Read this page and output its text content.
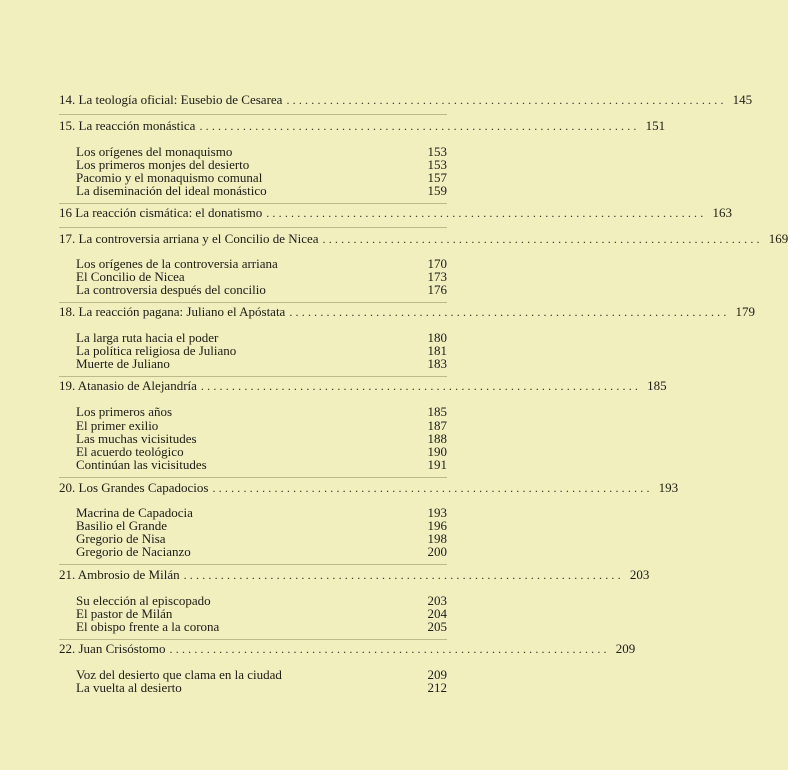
14. La teología oficial: Eusebio de Cesarea ....................................................................... 145
15. La reacción monástica ....................................................................... 151
Los orígenes del monaquismo	153
Los primeros monjes del desierto	153
Pacomio y el monaquismo comunal	157
La diseminación del ideal monástico	159
16 La reacción cismática: el donatismo ....................................................................... 163
17. La controversia arriana y el Concilio de Nicea ....................................................................... 169
Los orígenes de la controversia arriana	170
El Concilio de Nicea	173
La controversia después del concilio	176
18. La reacción pagana: Juliano el Apóstata ....................................................................... 179
La larga ruta hacia el poder	180
La política religiosa de Juliano	181
Muerte de Juliano	183
19. Atanasio de Alejandría ....................................................................... 185
Los primeros años	185
El primer exilio	187
Las muchas vicisitudes	188
El acuerdo teológico	190
Continúan las vicisitudes	191
20. Los Grandes Capadocios ....................................................................... 193
Macrina de Capadocia	193
Basilio el Grande	196
Gregorio de Nisa	198
Gregorio de Nacianzo	200
21. Ambrosio de Milán ....................................................................... 203
Su elección al episcopado	203
El pastor de Milán	204
El obispo frente a la corona	205
22. Juan Crisóstomo ....................................................................... 209
Voz del desierto que clama en la ciudad	209
La vuelta al desierto	212
